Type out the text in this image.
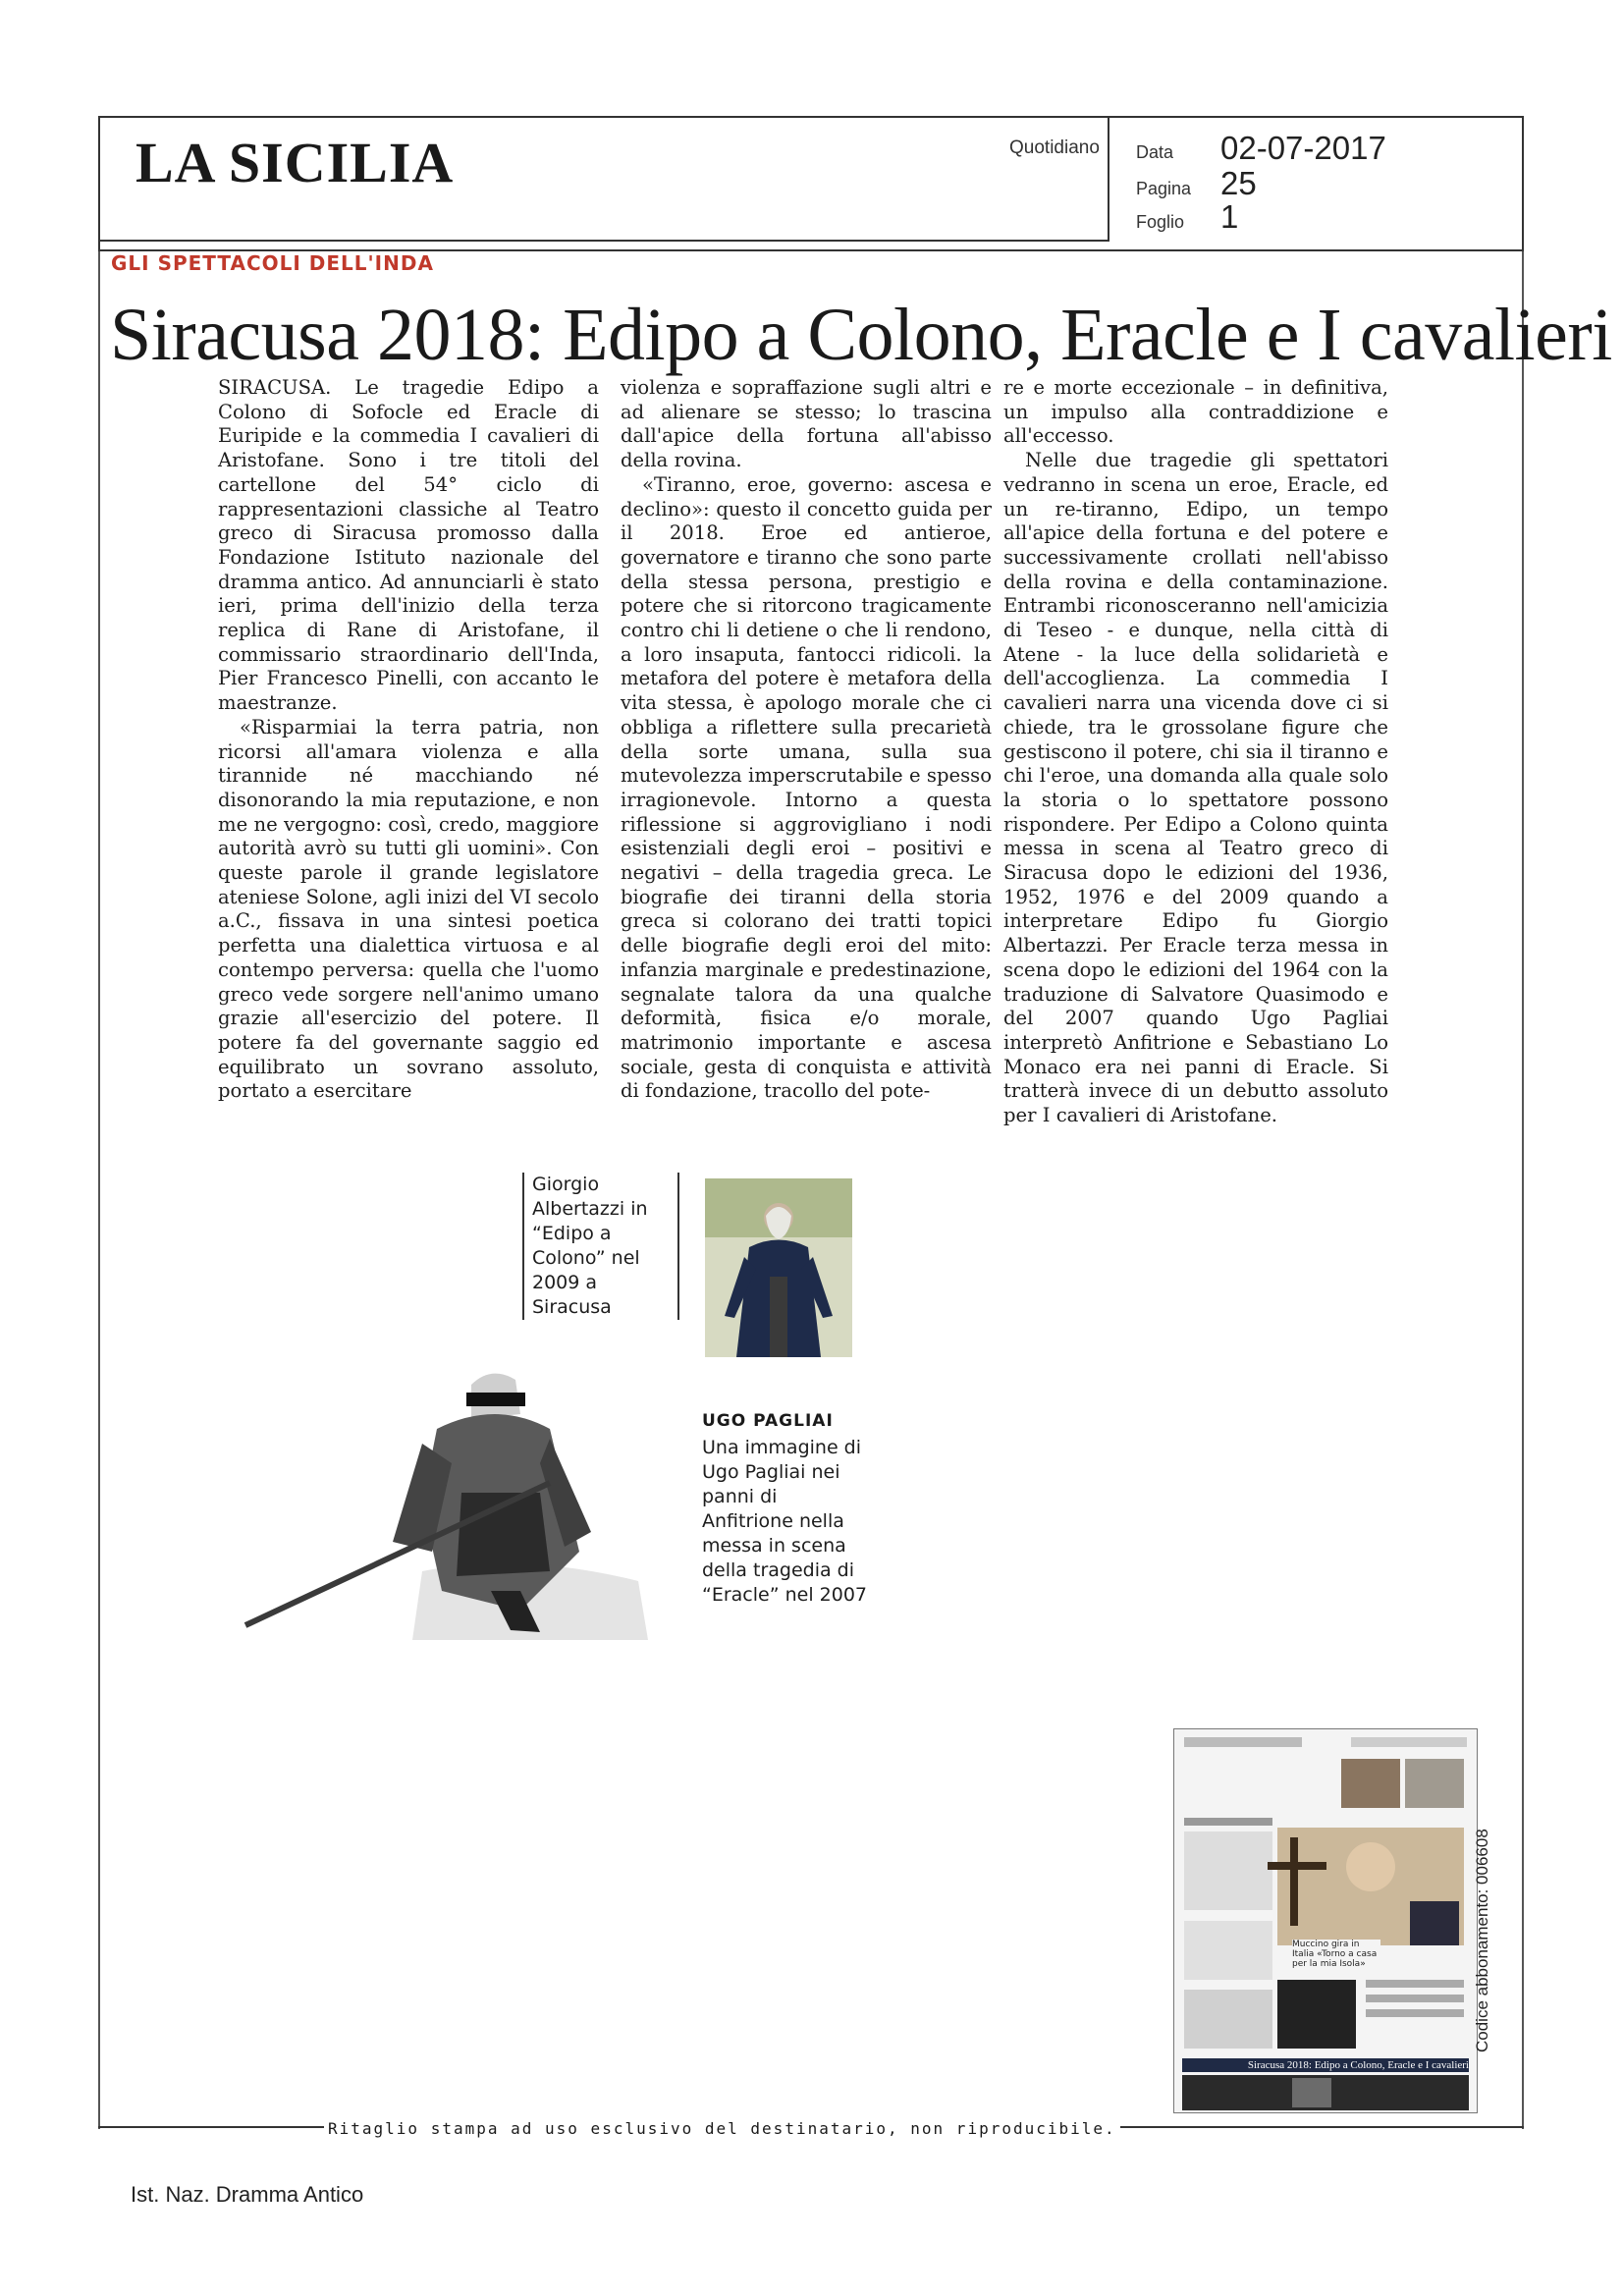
LA SICILIA	Quotidiano Data 02-07-2017
Pagina 25
Foglio 1
GLI SPETTACOLI DELL'INDA
Siracusa 2018: Edipo a Colono, Eracle e I cavalieri

SIRACUSA. Le tragedie Edipo a Colono di Sofocle ed Eracle di Euripide e la commedia I cavalieri di Aristofane. Sono i tre titoli del cartellone del 54° ciclo di rappresentazioni classiche al Teatro greco di Siracusa promosso dalla Fondazione Istituto nazionale del dramma antico. Ad annunciarli è stato ieri, prima dell'inizio della terza replica di Rane di Aristofane, il commissario straordinario dell'Inda, Pier Francesco Pinelli, con accanto le maestranze.

«Risparmiai la terra patria, non ricorsi all'amara violenza e alla tirannide né macchiando né disonorando la mia reputazione, e non me ne vergogno: così, credo, maggiore autorità avrò su tutti gli uomini». Con queste parole il grande legislatore ateniese Solone, agli inizi del VI secolo a.C., fissava in una sintesi poetica perfetta una dialettica virtuosa e al contempo perversa: quella che l'uomo greco vede sorgere nell'animo umano grazie all'esercizio del potere. Il potere fa del governante saggio ed equilibrato un sovrano assoluto, portato a esercitare

violenza e sopraffazione sugli altri e ad alienare se stesso; lo trascina dall'apice della fortuna all'abisso della rovina.

«Tiranno, eroe, governo: ascesa e declino»: questo il concetto guida per il 2018. Eroe ed antieroe, governatore e tiranno che sono parte della stessa persona, prestigio e potere che si ritorcono tragicamente contro chi li detiene o che li rendono, a loro insaputa, fantocci ridicoli. la metafora del potere è metafora della vita stessa, è apologo morale che ci obbliga a riflettere sulla precarietà della sorte umana, sulla sua mutevolezza imperscrutabile e spesso irragionevole. Intorno a questa riflessione si aggrovigliano i nodi esistenziali degli eroi – positivi e negativi – della tragedia greca. Le biografie dei tiranni della storia greca si colorano dei tratti topici delle biografie degli eroi del mito: infanzia marginale e predestinazione, segnalate talora da una qualche deformità, fisica e/o morale, matrimonio importante e ascesa sociale, gesta di conquista e attività di fondazione, tracollo del pote-

re e morte eccezionale – in definitiva, un impulso alla contraddizione e all'eccesso.

Nelle due tragedie gli spettatori vedranno in scena un eroe, Eracle, ed un re-tiranno, Edipo, un tempo all'apice della fortuna e del potere e successivamente crollati nell'abisso della rovina e della contaminazione. Entrambi riconosceranno nell'amicizia di Teseo - e dunque, nella città di Atene - la luce della solidarietà e dell'accoglienza. La commedia I cavalieri narra una vicenda dove ci si chiede, tra le grossolane figure che gestiscono il potere, chi sia il tiranno e chi l'eroe, una domanda alla quale solo la storia o lo spettatore possono rispondere. Per Edipo a Colono quinta messa in scena al Teatro greco di Siracusa dopo le edizioni del 1936, 1952, 1976 e del 2009 quando a interpretare Edipo fu Giorgio Albertazzi. Per Eracle terza messa in scena dopo le edizioni del 1964 con la traduzione di Salvatore Quasimodo e del 2007 quando Ugo Pagliai interpretò Anfitrione e Sebastiano Lo Monaco era nei panni di Eracle. Si tratterà invece di un debutto assoluto per I cavalieri di Aristofane.

Giorgio Albertazzi in “Edipo a Colono” nel 2009 a Siracusa
UGO PAGLIAI
Una immagine di Ugo Pagliai nei panni di Anfitrione nella messa in scena della tragedia di “Eracle” nel 2007
Muccino gira in Italia «Torno a casa per la mia Isola»
Siracusa 2018: Edipo a Colono, Eracle e I cavalieri
Codice abbonamento: 006608
Ritaglio stampa ad uso esclusivo del destinatario, non riproducibile.
Ist. Naz. Dramma Antico
